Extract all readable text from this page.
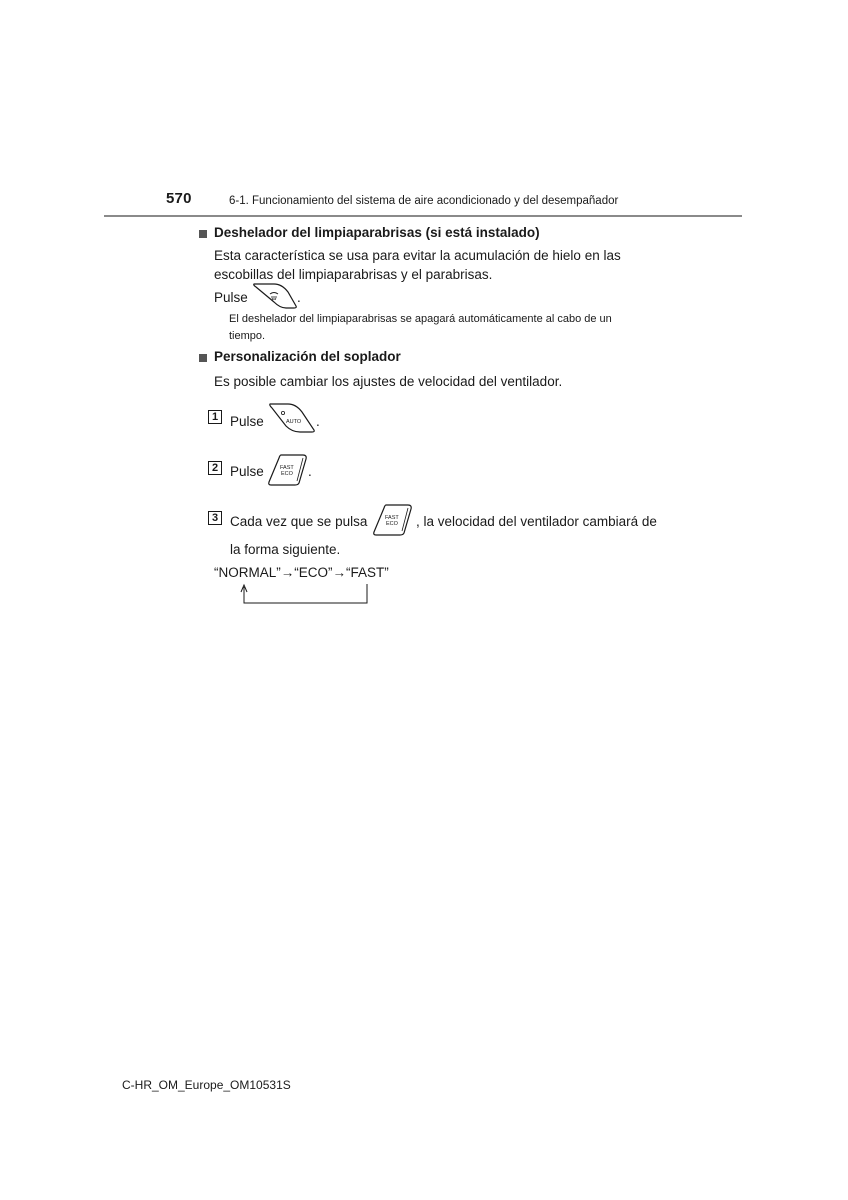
570	6-1. Funcionamiento del sistema de aire acondicionado y del desempañador
Deshelador del limpiaparabrisas (si está instalado)
Esta característica se usa para evitar la acumulación de hielo en las
escobillas del limpiaparabrisas y el parabrisas.
Pulse	.
El deshelador del limpiaparabrisas se apagará automáticamente al cabo de un
tiempo.
Personalización del soplador
Es posible cambiar los ajustes de velocidad del ventilador.
1 Pulse	AUTO .
2 Pulse	FAST
ECO .
3 Cada vez que se pulsa	FAST
ECO , la velocidad del ventilador cambiará de
la forma siguiente.
“NORMAL”→“ECO”→“FAST”
C-HR_OM_Europe_OM10531S
